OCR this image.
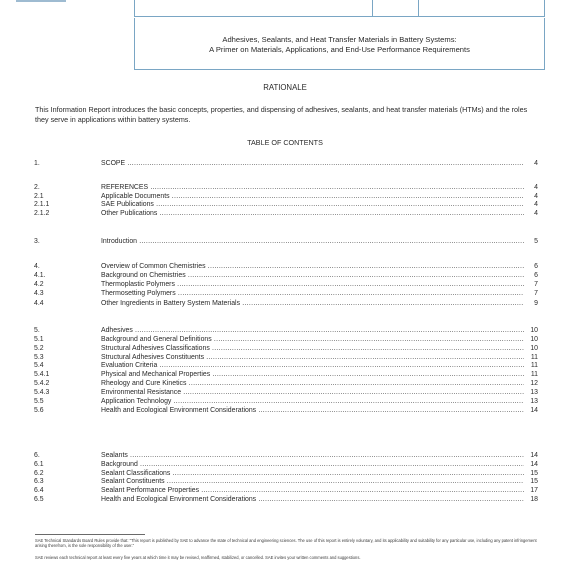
Adhesives, Sealants, and Heat Transfer Materials in Battery Systems:
A Primer on Materials, Applications, and End-Use Performance Requirements
RATIONALE
This Information Report introduces the basic concepts, properties, and dispensing of adhesives, sealants, and heat transfer materials (HTMs) and the roles they serve in applications within battery systems.
TABLE OF CONTENTS
1.	SCOPE .....	4
2.	REFERENCES .....	4
2.1	Applicable Documents .....	4
2.1.1	SAE Publications .....	4
2.1.2	Other Publications .....	4
3.	Introduction .....	5
4.	Overview of Common Chemistries .....	6
4.1.	Background on Chemistries .....	6
4.2	Thermoplastic Polymers .....	7
4.3	Thermosetting Polymers .....	7
4.4	Other Ingredients in Battery System Materials .....	9
5.	Adhesives .....	10
5.1	Background and General Definitions .....	10
5.2	Structural Adhesives Classifications .....	10
5.3	Structural Adhesives Constituents .....	11
5.4	Evaluation Criteria .....	11
5.4.1	Physical and Mechanical Properties .....	11
5.4.2	Rheology and Cure Kinetics .....	12
5.4.3	Environmental Resistance .....	13
5.5	Application Technology .....	13
5.6	Health and Ecological Environment Considerations .....	14
6.	Sealants .....	14
6.1	Background .....	14
6.2	Sealant Classifications .....	15
6.3	Sealant Constituents .....	15
6.4	Sealant Performance Properties .....	17
6.5	Health and Ecological Environment Considerations .....	18
SAE Technical Standards Board Rules provide that: "This report is published by SAE to advance the state of technical and engineering sciences. The use of this report is entirely voluntary, and its applicability and suitability for any particular use, including any patent infringement arising therefrom, is the sole responsibility of the user."
SAE reviews each technical report at least every five years at which time it may be revised, reaffirmed, stabilized, or cancelled. SAE invites your written comments and suggestions.
